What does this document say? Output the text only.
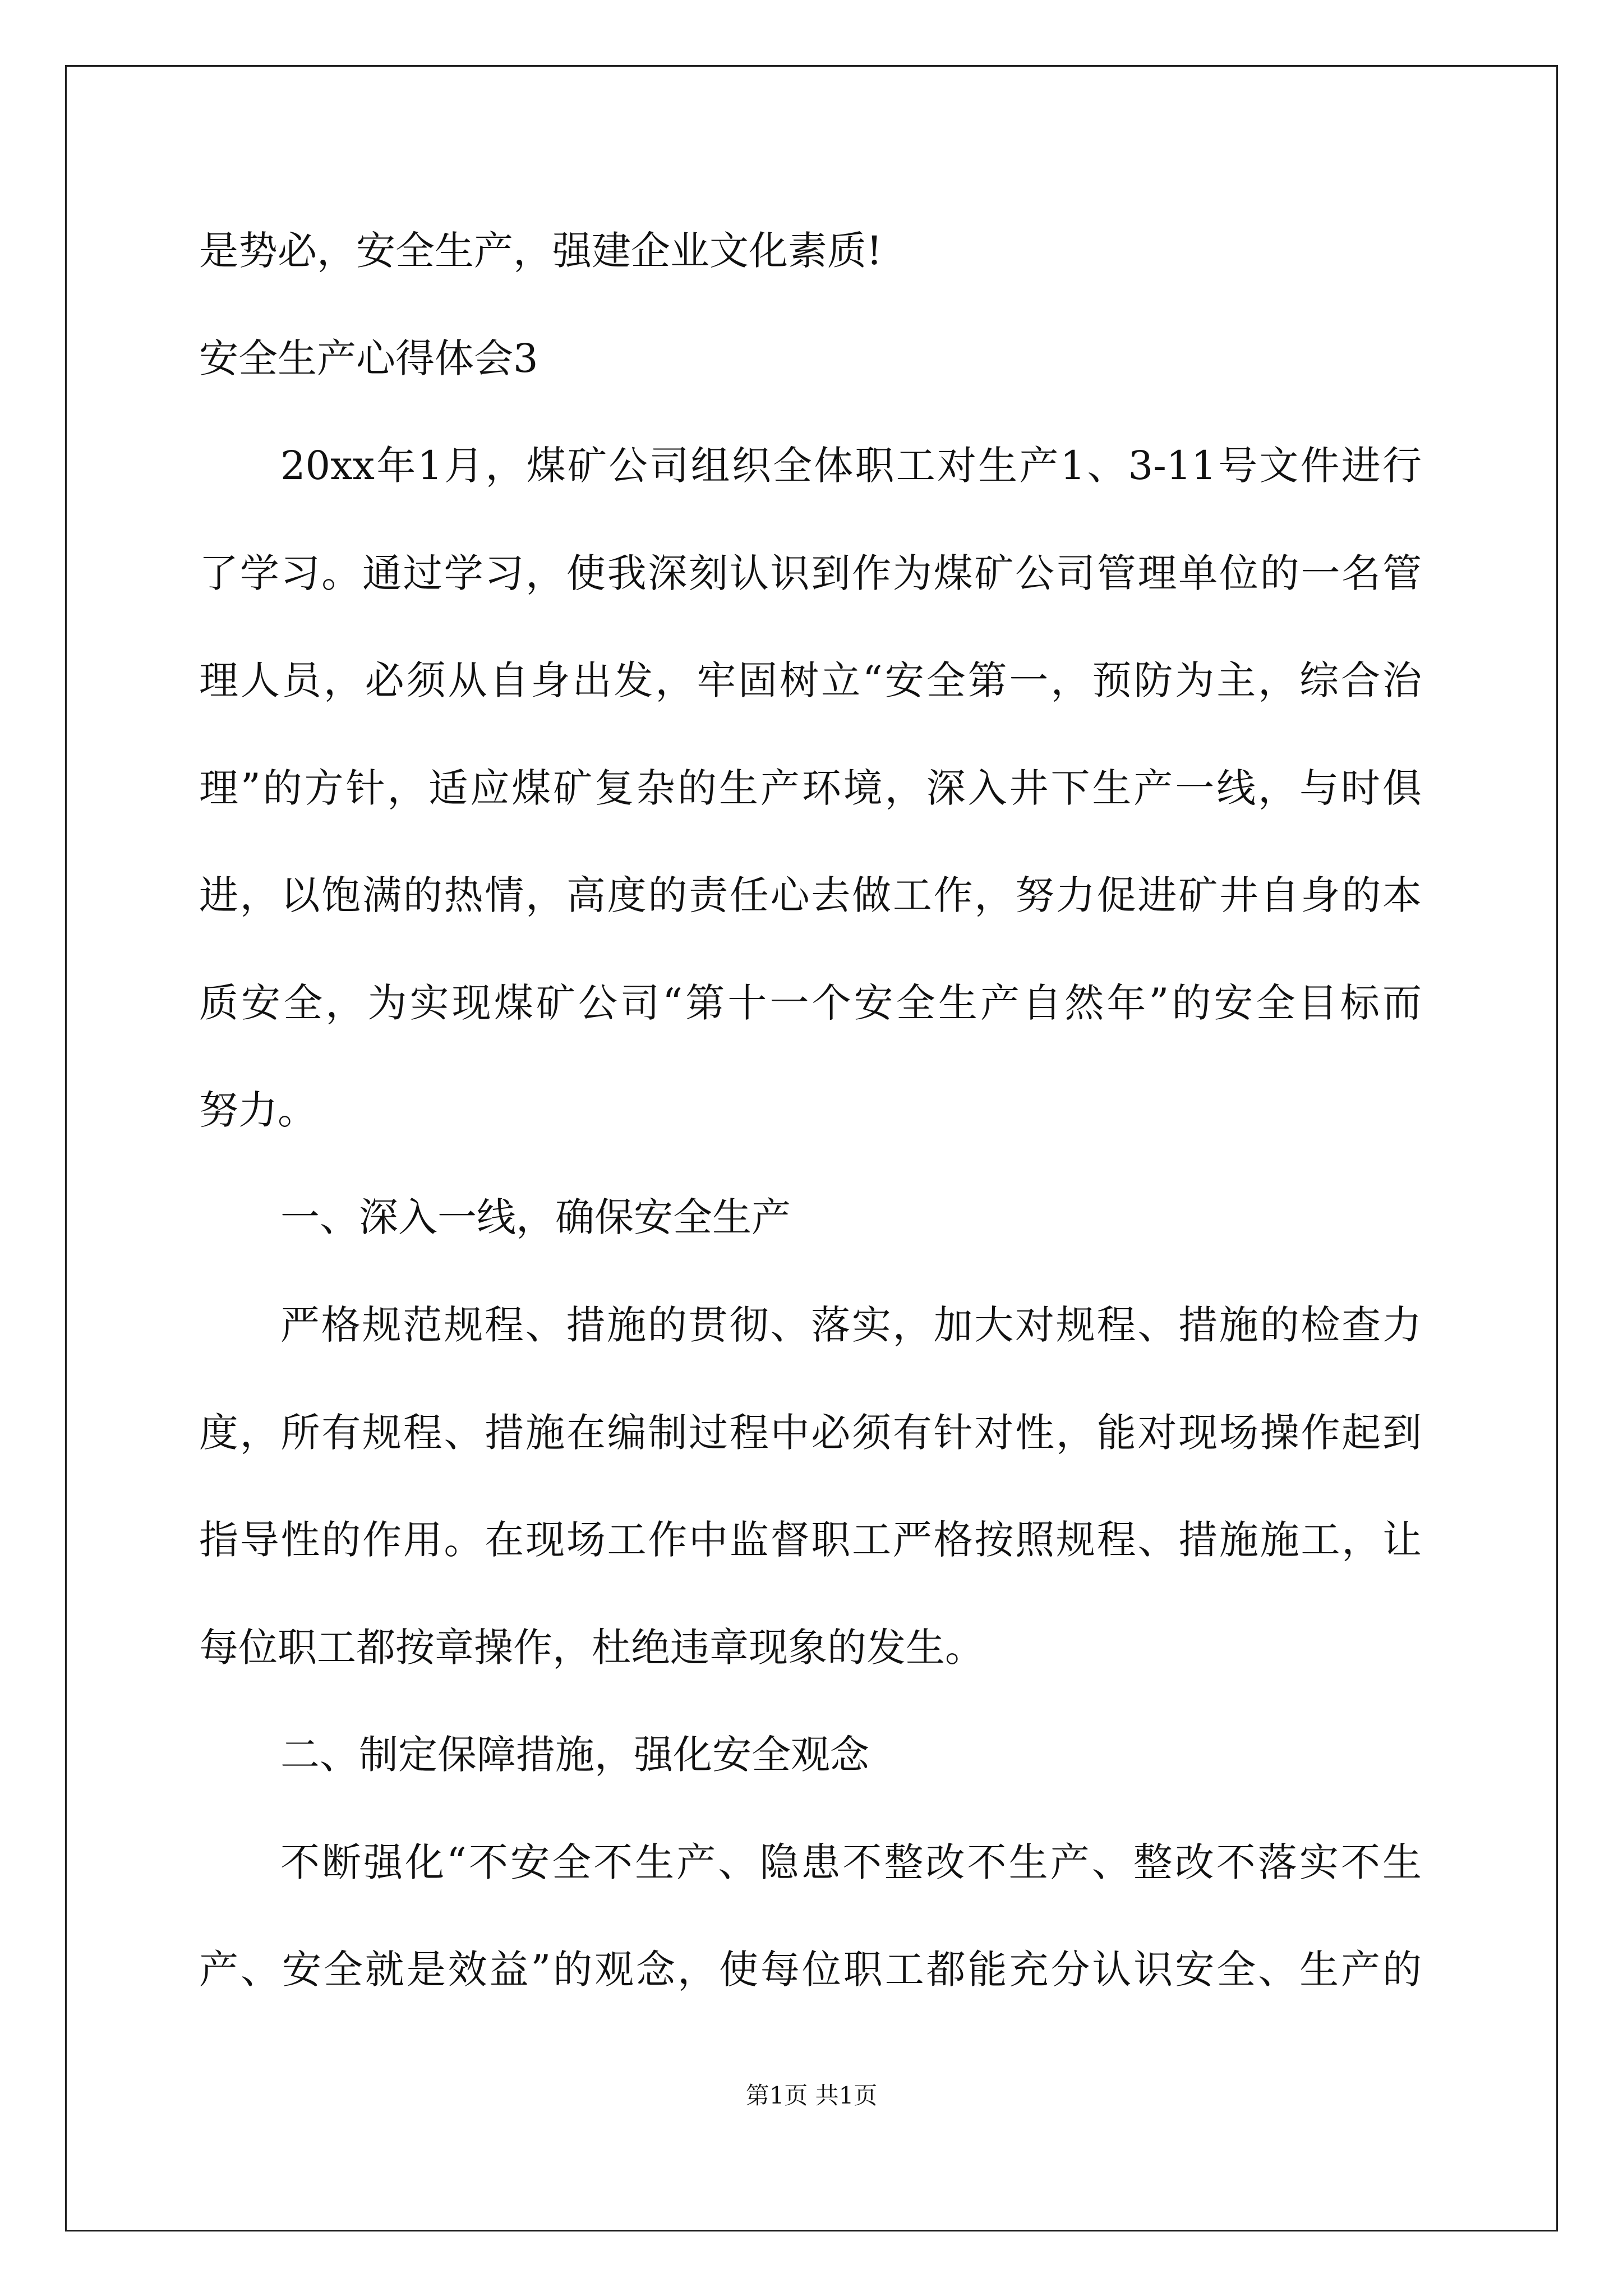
是势必，安全生产，强建企业文化素质!
安全生产心得体会3
20xx年1月，煤矿公司组织全体职工对生产1、3-11号文件进行
了学习。通过学习，使我深刻认识到作为煤矿公司管理单位的一名管
理人员，必须从自身出发，牢固树立“安全第一，预防为主，综合治
理”的方针，适应煤矿复杂的生产环境，深入井下生产一线，与时俱
进，以饱满的热情，高度的责任心去做工作，努力促进矿井自身的本
质安全，为实现煤矿公司“第十一个安全生产自然年”的安全目标而
努力。
一、深入一线，确保安全生产
严格规范规程、措施的贯彻、落实，加大对规程、措施的检查力
度，所有规程、措施在编制过程中必须有针对性，能对现场操作起到
指导性的作用。在现场工作中监督职工严格按照规程、措施施工，让
每位职工都按章操作，杜绝违章现象的发生。
二、制定保障措施，强化安全观念
不断强化“不安全不生产、隐患不整改不生产、整改不落实不生
产、安全就是效益”的观念，使每位职工都能充分认识安全、生产的
第1页 共1页
